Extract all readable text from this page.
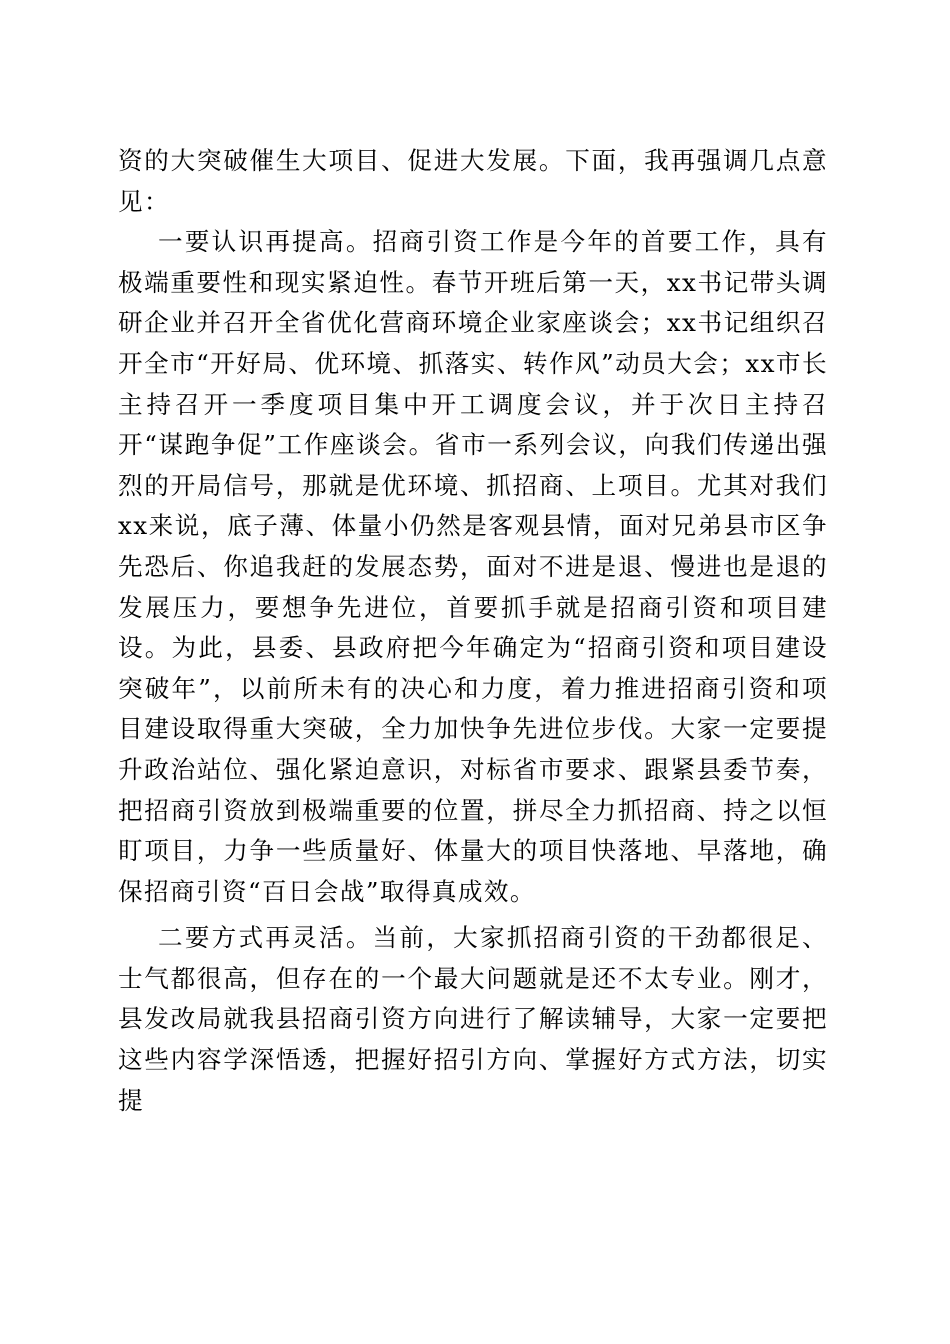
资的大突破催生大项目、促进大发展。下面，我再强调几点意见：

一要认识再提高。招商引资工作是今年的首要工作，具有极端重要性和现实紧迫性。春节开班后第一天，xx书记带头调研企业并召开全省优化营商环境企业家座谈会；xx书记组织召开全市“开好局、优环境、抓落实、转作风”动员大会；xx市长主持召开一季度项目集中开工调度会议，并于次日主持召开“谋跑争促”工作座谈会。省市一系列会议，向我们传递出强烈的开局信号，那就是优环境、抓招商、上项目。尤其对我们xx来说，底子薄、体量小仍然是客观县情，面对兄弟县市区争先恐后、你追我赶的发展态势，面对不进是退、慢进也是退的发展压力，要想争先进位，首要抓手就是招商引资和项目建设。为此，县委、县政府把今年确定为“招商引资和项目建设突破年”，以前所未有的决心和力度，着力推进招商引资和项目建设取得重大突破，全力加快争先进位步伐。大家一定要提升政治站位、强化紧迫意识，对标省市要求、跟紧县委节奏，把招商引资放到极端重要的位置，拼尽全力抓招商、持之以恒盯项目，力争一些质量好、体量大的项目快落地、早落地，确保招商引资“百日会战”取得真成效。

二要方式再灵活。当前，大家抓招商引资的干劲都很足、士气都很高，但存在的一个最大问题就是还不太专业。刚才，县发改局就我县招商引资方向进行了解读辅导，大家一定要把这些内容学深悟透，把握好招引方向、掌握好方式方法，切实提
